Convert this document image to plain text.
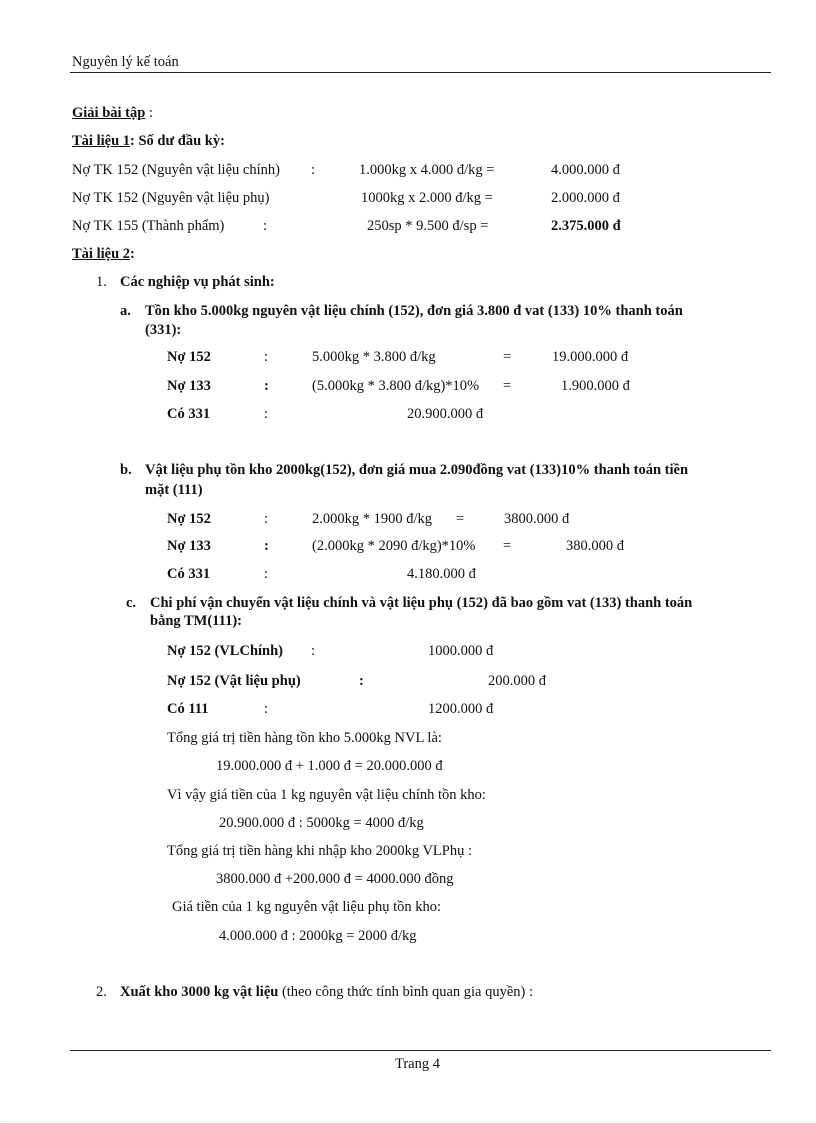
Nguyên lý kế toán
Giải bài tập :
Tài liệu 1: Số dư đầu kỳ:
Nợ TK 152 (Nguyên vật liệu chính) :	1.000kg x 4.000 đ/kg =	4.000.000 đ
Nợ TK 152 (Nguyên vật liệu phụ)	1000kg x 2.000 đ/kg =	2.000.000 đ
Nợ TK 155 (Thành phẩm)	:	250sp * 9.500 đ/sp =	2.375.000 đ
Tài liệu 2:
1. Các nghiệp vụ phát sinh:
a. Tồn kho 5.000kg nguyên vật liệu chính (152), đơn giá 3.800 đ vat (133) 10% thanh toán
(331):
Nợ 152	:	5.000kg * 3.800 đ/kg	=	19.000.000 đ
Nợ 133	:	(5.000kg * 3.800 đ/kg)*10% =	1.900.000 đ
Có 331	:	20.900.000 đ
b. Vật liệu phụ tồn kho 2000kg(152), đơn giá mua 2.090đồng vat (133)10% thanh toán tiền
mặt (111)
Nợ 152	:	2.000kg * 1900 đ/kg =	3800.000 đ
Nợ 133	:	(2.000kg * 2090 đ/kg)*10% =	380.000 đ
Có 331	:	4.180.000 đ
c. Chi phí vận chuyển vật liệu chính và vật liệu phụ (152) đã bao gồm vat (133) thanh toán
bằng TM(111):
Nợ 152 (VLChính) :	1000.000 đ
Nợ 152 (Vật liệu phụ)	:	200.000 đ
Có 111	:	1200.000 đ
Tổng giá trị tiền hàng tồn kho 5.000kg NVL là:
19.000.000 đ + 1.000 đ = 20.000.000 đ
Vì vậy giá tiền của 1 kg nguyên vật liệu chính tồn kho:
20.900.000 đ : 5000kg = 4000 đ/kg
Tổng giá trị tiền hàng khi nhập kho 2000kg VLPhụ :
3800.000 đ +200.000 đ = 4000.000 đồng
Giá tiền của 1 kg nguyên vật liệu phụ tồn kho:
4.000.000 đ : 2000kg = 2000 đ/kg
2. Xuất kho 3000 kg vật liệu (theo công thức tính bình quan gia quyền) :
Trang 4
